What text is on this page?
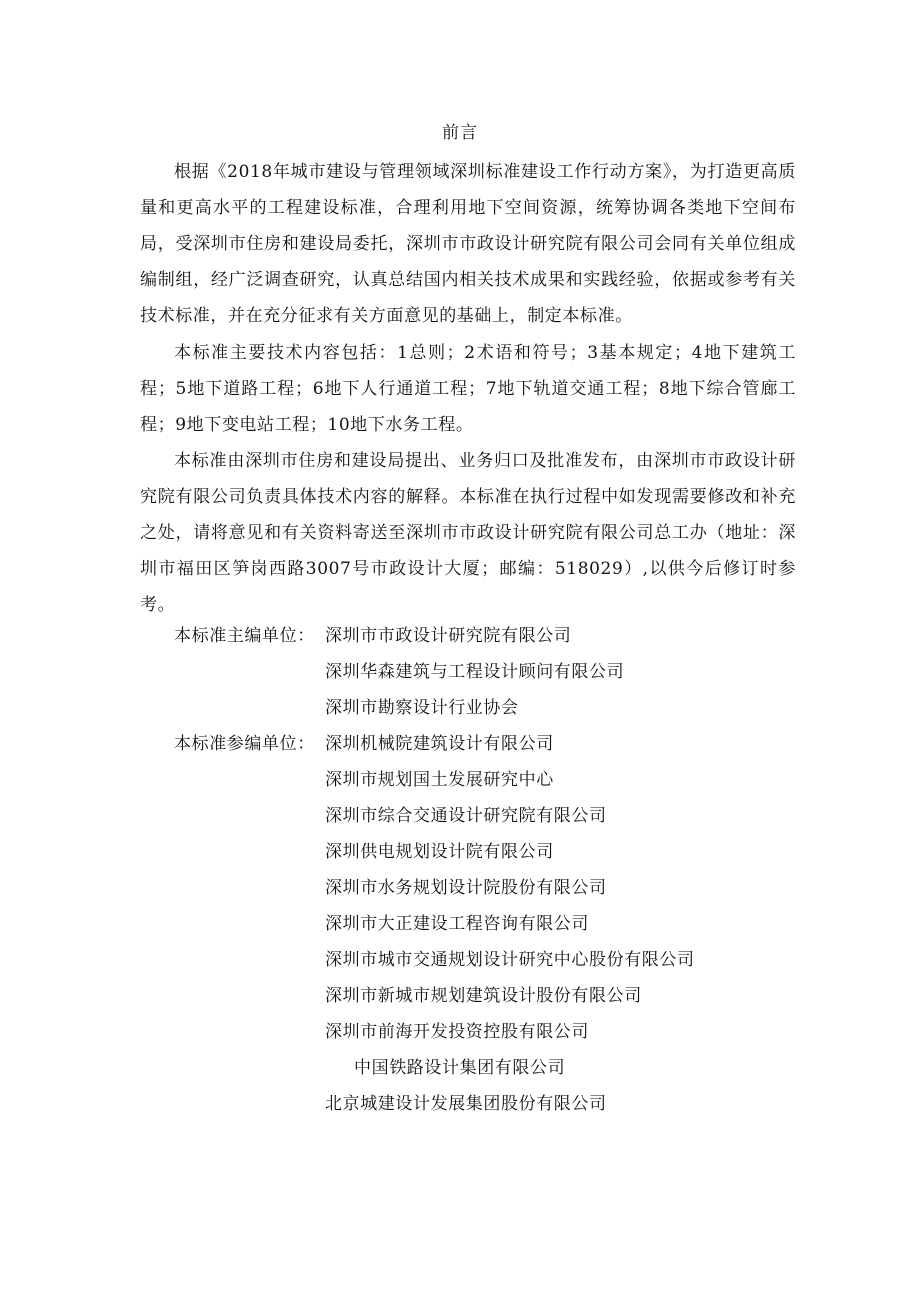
前言

根据《2018年城市建设与管理领域深圳标准建设工作行动方案》，为打造更高质量和更高水平的工程建设标准，合理利用地下空间资源，统筹协调各类地下空间布局，受深圳市住房和建设局委托，深圳市市政设计研究院有限公司会同有关单位组成编制组，经广泛调查研究，认真总结国内相关技术成果和实践经验，依据或参考有关技术标准，并在充分征求有关方面意见的基础上，制定本标准。

本标准主要技术内容包括：1总则；2术语和符号；3基本规定；4地下建筑工程；5地下道路工程；6地下人行通道工程；7地下轨道交通工程；8地下综合管廊工程；9地下变电站工程；10地下水务工程。

本标准由深圳市住房和建设局提出、业务归口及批准发布，由深圳市市政设计研究院有限公司负责具体技术内容的解释。本标准在执行过程中如发现需要修改和补充之处，请将意见和有关资料寄送至深圳市市政设计研究院有限公司总工办（地址：深圳市福田区笋岗西路3007号市政设计大厦；邮编：518029）,以供今后修订时参考。

本标准主编单位： 深圳市市政设计研究院有限公司
深圳华森建筑与工程设计顾问有限公司
深圳市勘察设计行业协会
本标准参编单位： 深圳机械院建筑设计有限公司
深圳市规划国土发展研究中心
深圳市综合交通设计研究院有限公司
深圳供电规划设计院有限公司
深圳市水务规划设计院股份有限公司
深圳市大正建设工程咨询有限公司
深圳市城市交通规划设计研究中心股份有限公司
深圳市新城市规划建筑设计股份有限公司
深圳市前海开发投资控股有限公司
中国铁路设计集团有限公司
北京城建设计发展集团股份有限公司
